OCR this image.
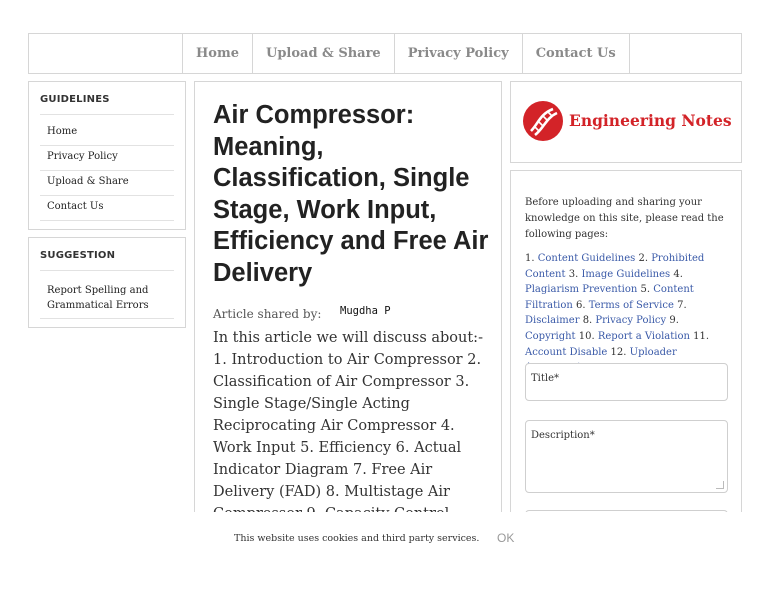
Home	Upload & Share	Privacy Policy	Contact Us
GUIDELINES
Home
Privacy Policy
Upload & Share
Contact Us
SUGGESTION
Report Spelling and Grammatical Errors
Air Compressor: Meaning, Classification, Single Stage, Work Input, Efficiency and Free Air Delivery
Article shared by: Mugdha P

In this article we will discuss about:- 1. Introduction to Air Compressor 2. Classification of Air Compressor 3. Single Stage/Single Acting Reciprocating Air Compressor 4. Work Input 5. Efficiency 6. Actual Indicator Diagram 7. Free Air Delivery (FAD) 8. Multistage Air

Engineering Notes

Before uploading and sharing your knowledge on this site, please read the following pages:

1. Content Guidelines 2. Prohibited Content 3. Image Guidelines 4. Plagiarism Prevention 5. Content Filtration 6. Terms of Service 7. Disclaimer 8. Privacy Policy 9. Copyright 10. Report a Violation 11. Account Disable 12. Uploader

Title*
Description*
This website uses cookies and third party services. OK
